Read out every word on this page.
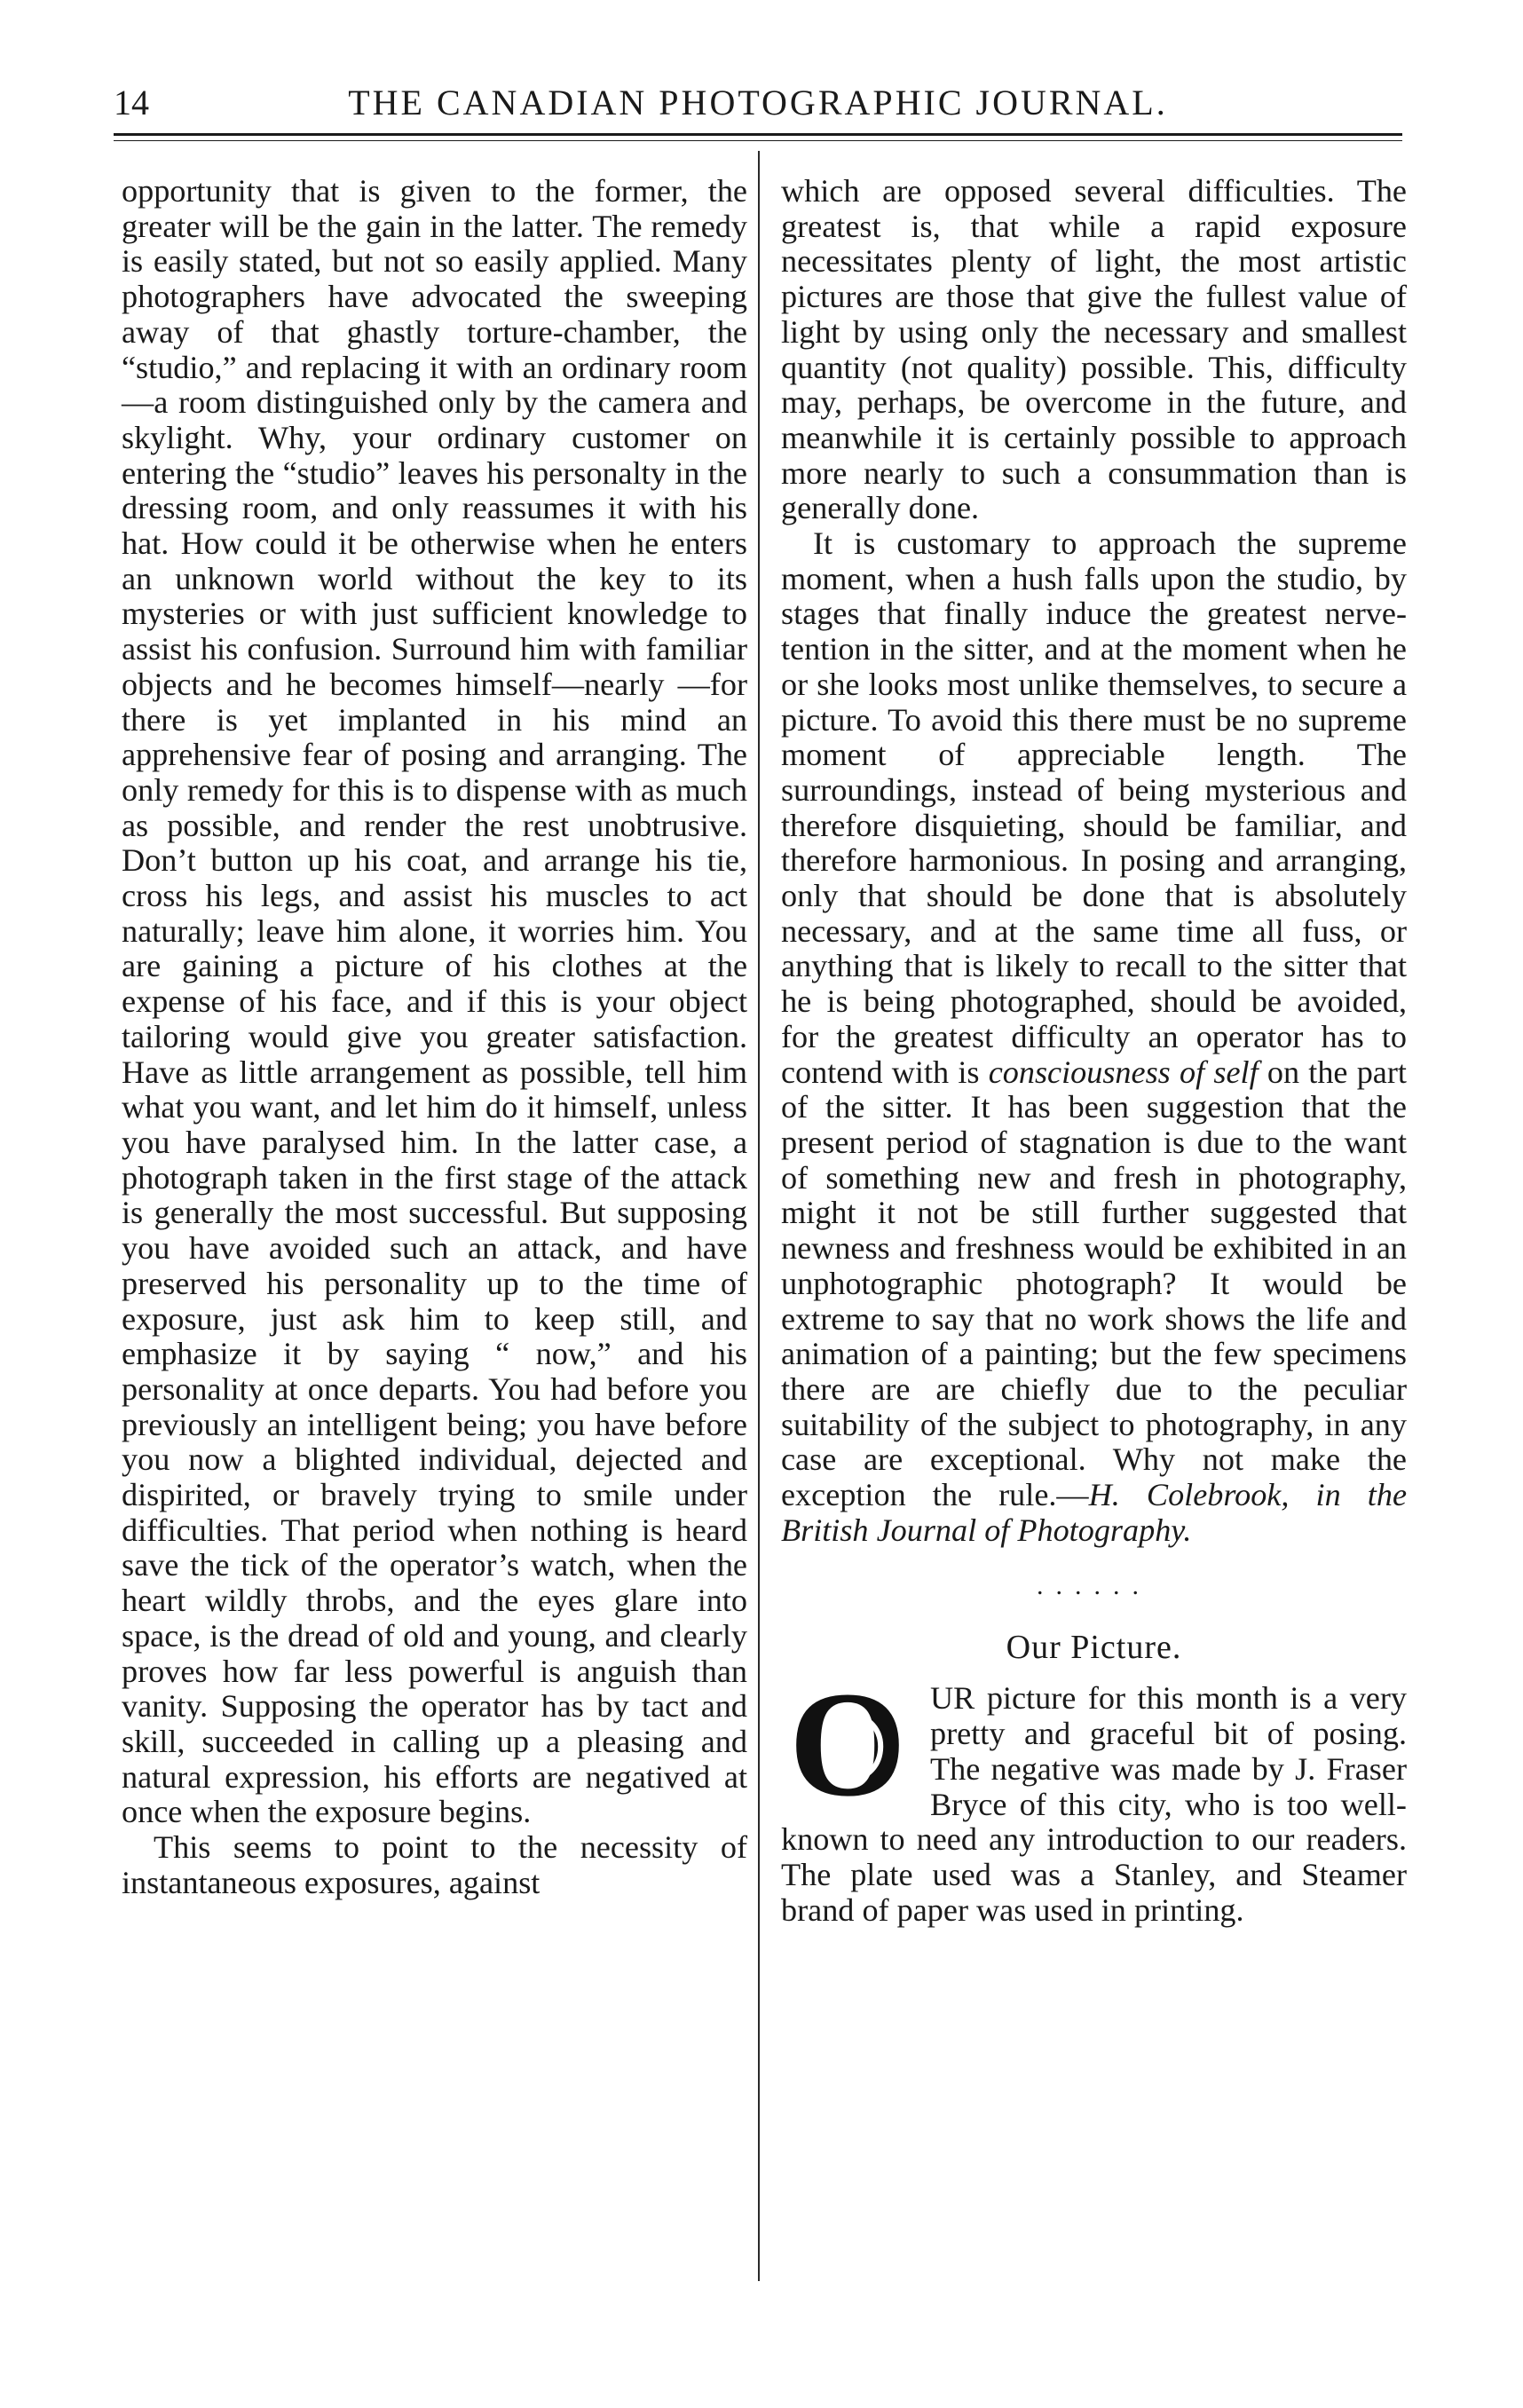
14	THE CANADIAN PHOTOGRAPHIC JOURNAL.

opportunity that is given to the former, the greater will be the gain in the latter. The remedy is easily stated, but not so easily applied. Many photographers have advocated the sweeping away of that ghastly torture-chamber, the “studio,” and replacing it with an ordinary room—a room distinguished only by the camera and skylight. Why, your ordinary customer on entering the “studio” leaves his personalty in the dressing room, and only reassumes it with his hat. How could it be otherwise when he enters an unknown world without the key to its mysteries or with just sufficient knowledge to assist his confusion. Surround him with familiar objects and he becomes himself—nearly —for there is yet implanted in his mind an apprehensive fear of posing and arranging. The only remedy for this is to dispense with as much as possible, and render the rest unobtrusive. Don’t button up his coat, and arrange his tie, cross his legs, and assist his muscles to act naturally; leave him alone, it worries him. You are gaining a picture of his clothes at the expense of his face, and if this is your object tailoring would give you greater satisfaction. Have as little arrangement as possible, tell him what you want, and let him do it himself, unless you have paralysed him. In the latter case, a photograph taken in the first stage of the attack is generally the most successful. But supposing you have avoided such an attack, and have preserved his personality up to the time of exposure, just ask him to keep still, and emphasize it by saying “ now,” and his personality at once departs. You had before you previously an intelligent being; you have before you now a blighted individual, dejected and dispirited, or bravely trying to smile under difficulties. That period when nothing is heard save the tick of the operator’s watch, when the heart wildly throbs, and the eyes glare into space, is the dread of old and young, and clearly proves how far less powerful is anguish than vanity. Supposing the operator has by tact and skill, succeeded in calling up a pleasing and natural expression, his efforts are negatived at once when the exposure begins.

This seems to point to the necessity of instantaneous exposures, against

which are opposed several difficulties. The greatest is, that while a rapid exposure necessitates plenty of light, the most artistic pictures are those that give the fullest value of light by using only the necessary and smallest quantity (not quality) possible. This, difficulty may, perhaps, be overcome in the future, and meanwhile it is certainly possible to approach more nearly to such a consummation than is generally done.

It is customary to approach the supreme moment, when a hush falls upon the studio, by stages that finally induce the greatest nerve-tention in the sitter, and at the moment when he or she looks most unlike themselves, to secure a picture. To avoid this there must be no supreme moment of appreciable length. The surroundings, instead of being mysterious and therefore disquieting, should be familiar, and therefore harmonious. In posing and arranging, only that should be done that is absolutely necessary, and at the same time all fuss, or anything that is likely to recall to the sitter that he is being photographed, should be avoided, for the greatest difficulty an operator has to contend with is consciousness of self on the part of the sitter. It has been suggestion that the present period of stagnation is due to the want of something new and fresh in photography, might it not be still further suggested that newness and freshness would be exhibited in an unphotographic photograph? It would be extreme to say that no work shows the life and animation of a painting; but the few specimens there are are chiefly due to the peculiar suitability of the subject to photography, in any case are exceptional. Why not make the exception the rule.—H. Colebrook, in the British Journal of Photography.

......
Our Picture.
O UR picture for this month is a very pretty and graceful bit of posing. The negative was made by J. Fraser Bryce of this city, who is too well-known to need any introduction to our readers. The plate used was a Stanley, and Steamer brand of paper was used in printing.
